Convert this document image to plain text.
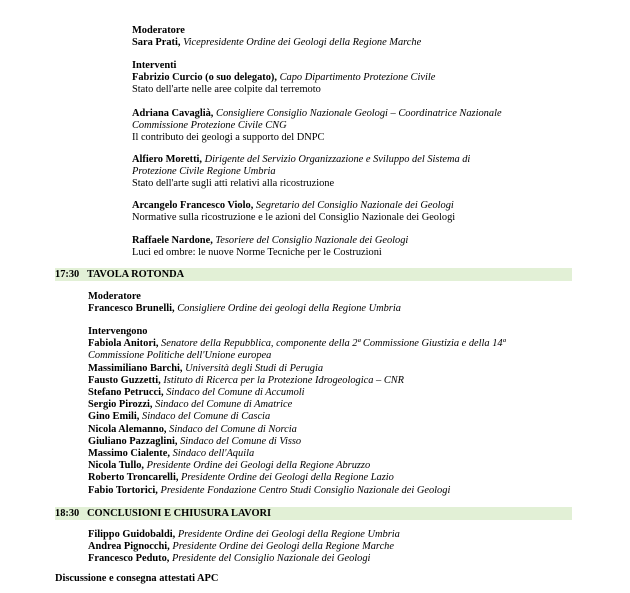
Moderatore
Sara Prati, Vicepresidente Ordine dei Geologi della Regione Marche
Interventi
Fabrizio Curcio (o suo delegato), Capo Dipartimento Protezione Civile
Stato dell'arte nelle aree colpite dal terremoto
Adriana Cavaglià, Consigliere Consiglio Nazionale Geologi – Coordinatrice Nazionale
Commissione Protezione Civile CNG
Il contributo dei geologi a supporto del DNPC
Alfiero Moretti, Dirigente del Servizio Organizzazione e Sviluppo del Sistema di
Protezione Civile Regione Umbria
Stato dell'arte sugli atti relativi alla ricostruzione
Arcangelo Francesco Violo, Segretario del Consiglio Nazionale dei Geologi
Normative sulla ricostruzione e le azioni del Consiglio Nazionale dei Geologi
Raffaele Nardone, Tesoriere del Consiglio Nazionale dei Geologi
Luci ed ombre: le nuove Norme Tecniche per le Costruzioni
17:30 TAVOLA ROTONDA
Moderatore
Francesco Brunelli, Consigliere Ordine dei geologi della Regione Umbria
Intervengono
Fabiola Anitori, Senatore della Repubblica, componente della 2ª Commissione Giustizia e della 14ª
Commissione Politiche dell'Unione europea
Massimiliano Barchi, Università degli Studi di Perugia
Fausto Guzzetti, Istituto di Ricerca per la Protezione Idrogeologica – CNR
Stefano Petrucci, Sindaco del Comune di Accumoli
Sergio Pirozzi, Sindaco del Comune di Amatrice
Gino Emili, Sindaco del Comune di Cascia
Nicola Alemanno, Sindaco del Comune di Norcia
Giuliano Pazzaglini, Sindaco del Comune di Visso
Massimo Cialente, Sindaco dell'Aquila
Nicola Tullo, Presidente Ordine dei Geologi della Regione Abruzzo
Roberto Troncarelli, Presidente Ordine dei Geologi della Regione Lazio
Fabio Tortorici, Presidente Fondazione Centro Studi Consiglio Nazionale dei Geologi
18:30 CONCLUSIONI E CHIUSURA LAVORI
Filippo Guidobaldi, Presidente Ordine dei Geologi della Regione Umbria
Andrea Pignocchi, Presidente Ordine dei Geologi della Regione Marche
Francesco Peduto, Presidente del Consiglio Nazionale dei Geologi
Discussione e consegna attestati APC
